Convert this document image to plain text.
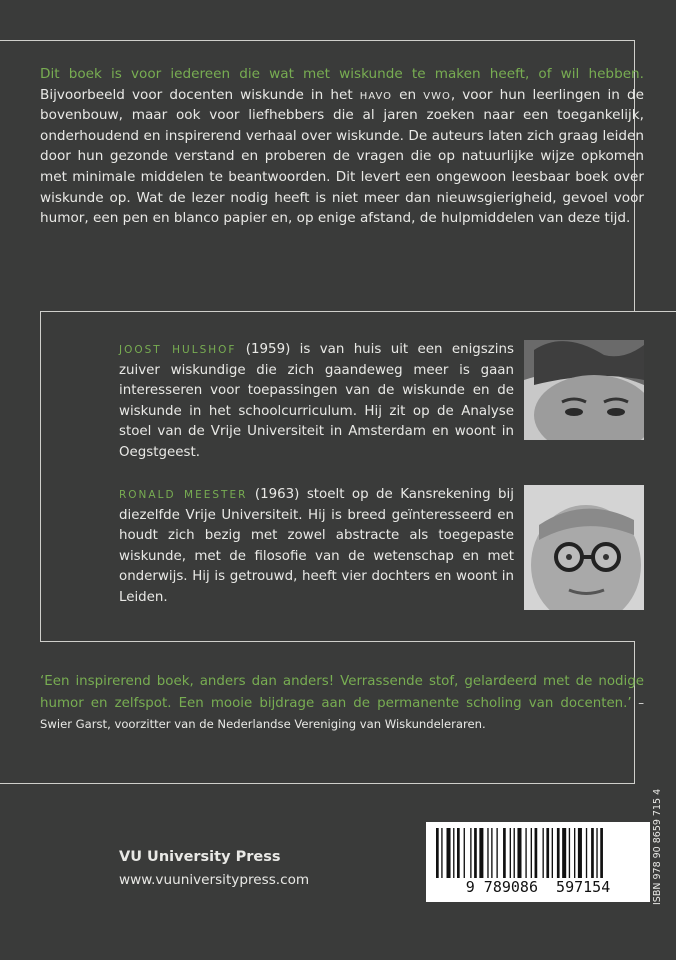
Dit boek is voor iedereen die wat met wiskunde te maken heeft, of wil hebben. Bijvoorbeeld voor docenten wiskunde in het havo en vwo, voor hun leerlingen in de bovenbouw, maar ook voor liefhebbers die al jaren zoeken naar een toegankelijk, onderhoudend en inspirerend verhaal over wiskunde. De auteurs laten zich graag leiden door hun gezonde verstand en proberen de vragen die op natuurlijke wijze opkomen met minimale middelen te beantwoorden. Dit levert een ongewoon leesbaar boek over wiskunde op. Wat de lezer nodig heeft is niet meer dan nieuwsgierigheid, gevoel voor humor, een pen en blanco papier en, op enige afstand, de hulpmiddelen van deze tijd.

JOOST HULSHOF (1959) is van huis uit een enigszins zuiver wiskundige die zich gaandeweg meer is gaan interesseren voor toepassingen van de wiskunde en de wiskunde in het schoolcurriculum. Hij zit op de Analyse stoel van de Vrije Universiteit in Amsterdam en woont in Oegstgeest.

RONALD MEESTER (1963) stoelt op de Kansrekening bij diezelfde Vrije Universiteit. Hij is breed geïnteresseerd en houdt zich bezig met zowel abstracte als toegepaste wiskunde, met de filosofie van de wetenschap en met onderwijs. Hij is getrouwd, heeft vier dochters en woont in Leiden.

‘Een inspirerend boek, anders dan anders! Verrassende stof, gelardeerd met de nodige humor en zelfspot. Een mooie bijdrage aan de permanente scholing van docenten.’ – Swier Garst, voorzitter van de Nederlandse Vereniging van Wiskundeleraren.

VU University Press
www.vuuniversitypress.com	9 789086  597154	ISBN 978 90 8659 715 4
